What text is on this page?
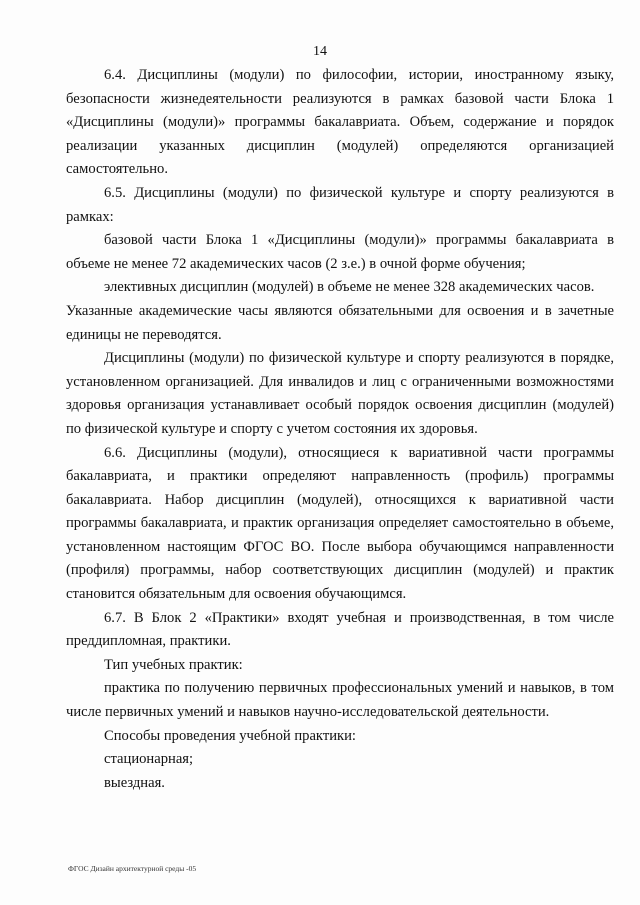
14

6.4. Дисциплины (модули) по философии, истории, иностранному языку, безопасности жизнедеятельности реализуются в рамках базовой части Блока 1 «Дисциплины (модули)» программы бакалавриата. Объем, содержание и порядок реализации указанных дисциплин (модулей) определяются организацией самостоятельно.

6.5. Дисциплины (модули) по физической культуре и спорту реализуются в рамках:

базовой части Блока 1 «Дисциплины (модули)» программы бакалавриата в объеме не менее 72 академических часов (2 з.е.) в очной форме обучения;

элективных дисциплин (модулей) в объеме не менее 328 академических часов.

Указанные академические часы являются обязательными для освоения и в зачетные единицы не переводятся.

Дисциплины (модули) по физической культуре и спорту реализуются в порядке, установленном организацией. Для инвалидов и лиц с ограниченными возможностями здоровья организация устанавливает особый порядок освоения дисциплин (модулей) по физической культуре и спорту с учетом состояния их здоровья.

6.6. Дисциплины (модули), относящиеся к вариативной части программы бакалавриата, и практики определяют направленность (профиль) программы бакалавриата. Набор дисциплин (модулей), относящихся к вариативной части программы бакалавриата, и практик организация определяет самостоятельно в объеме, установленном настоящим ФГОС ВО. После выбора обучающимся направленности (профиля) программы, набор соответствующих дисциплин (модулей) и практик становится обязательным для освоения обучающимся.

6.7. В Блок 2 «Практики» входят учебная и производственная, в том числе преддипломная, практики.

Тип учебных практик:

практика по получению первичных профессиональных умений и навыков, в том числе первичных умений и навыков научно-исследовательской деятельности.

Способы проведения учебной практики:

стационарная;

выездная.

ФГОС Дизайн архитектурной среды -05
